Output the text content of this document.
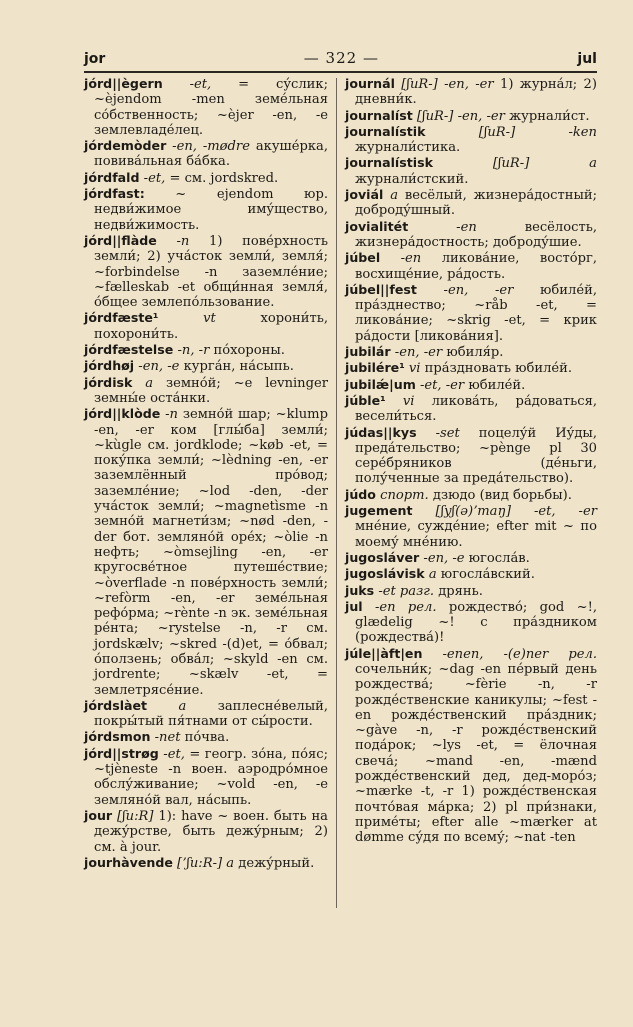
jor	— 322 —	jul

jórd||ègern -et, = су́слик; ~èjendom -men земе́льная со́бственность; ~èjer -en, -e землевладе́лец.

jórdemòder -en, -mødre акуше́рка, повива́льная ба́бка.

jórdfald -et, = см. jordskred.

jórdfast: ~ ejendom юр. недви́жимое иму́щество, недви́жимость.

jórd||flàde -n 1) пове́рхность земли́; 2) уча́сток земли́, земля́; ~forbindelse -n заземле́ние; ~fælleskab -et общи́нная земля́, о́бщее землепо́льзование.

jórdfæste¹ vt хорони́ть, похорони́ть.

jórdfæstelse -n, -r по́хороны.

jórdhøj -en, -e курга́н, на́сыпь.

jórdisk a земно́й; ~e levninger земны́е оста́нки.

jórd||klòde -n земно́й шар; ~klump -en, -er ком [глы́ба] земли́; ~kùgle см. jordklode; ~køb -et, = поку́пка земли́; ~lèdning -en, -er заземлённый про́вод; заземле́ние; ~lod -den, -der уча́сток земли́; ~magnetìsme -n земно́й магнети́зм; ~nød -den, -der бот. земляно́й оре́х; ~òlie -n нефть; ~òmsejling -en, -er кругосве́тное путеше́ствие; ~òverflade -n пове́рхность земли́; ~refòrm -en, -er земе́льная рефо́рма; ~rènte -n эк. земе́льная ре́нта; ~rystelse -n, -r см. jordskælv; ~skred -(d)et, = о́бвал; о́ползень; обва́л; ~skyld -en см. jordrente; ~skælv -et, = землетрясе́ние.

jórdslàet a заплесне́велый, покры́тый пя́тнами от сы́рости.

jórdsmon -net по́чва.

jórd||strøg -et, = геогр. зо́на, по́яс; ~tjèneste -n воен. аэродро́мное обслу́живание; ~vold -en, -e земляно́й вал, на́сыпь.

jour [ʃu:R] 1): have ~ воен. быть на дежу́рстве, быть дежу́рным; 2) см. à jour.

jourhàvende [ʼʃu:R-] a дежу́рный.

journál [ʃuR-] -en, -er 1) журна́л; 2) дневни́к.

journalíst [ʃuR-] -en, -er журнали́ст.

journalístik [ʃuR-] -ken журнали́стика.

journalístisk [ʃuR-] a журнали́стский.

joviál a весёлый, жизнера́достный; доброду́шный.

jovialitét -en весёлость, жизнера́достность; доброду́шие.

júbel -en ликова́ние, восто́рг, восхище́ние, ра́дость.

júbel||fest -en, -er юбиле́й, пра́зднество; ~råb -et, = ликова́ние; ~skrig -et, = крик ра́дости [ликова́ния].

jubilár -en, -er юбиля́р.

jubilére¹ vi пра́здновать юбиле́й.

jubilǽ|um -et, -er юбиле́й.

júble¹ vi ликова́ть, ра́доваться, весели́ться.

júdas||kys -set поцелу́й Иу́ды, преда́тельство; ~pènge pl 30 сере́бряников (де́ньги, полу́ченные за преда́тельство).

júdo спорт. дзюдо (вид борьбы).

jugement [ʃyʃ(ə)ʼmaŋ] -et, -er мне́ние, сужде́ние; efter mit ~ по моему́ мне́нию.

jugosláver -en, -e югосла́в.

jugoslávisk a югосла́вский.

juks -et разг. дрянь.

jul -en рел. рождество́; god ~!, glædelig ~! с пра́здником (рождества́)!

júle||àft|en -enen, -(e)ner рел. сочельни́к; ~dag -en пе́рвый день рождества́; ~fèrie -n, -r рожде́ственские каникулы; ~fest -en рожде́ственский пра́здник; ~gàve -n, -r рожде́ственский пода́рок; ~lys -et, = ёлочная свеча́; ~mand -en, -mænd рожде́ственский дед, дед-моро́з; ~mærke -t, -r 1) рожде́ственская почто́вая ма́рка; 2) pl при́знаки, приме́ты; efter alle ~mærker at dømme су́дя по всему́; ~nat -ten
